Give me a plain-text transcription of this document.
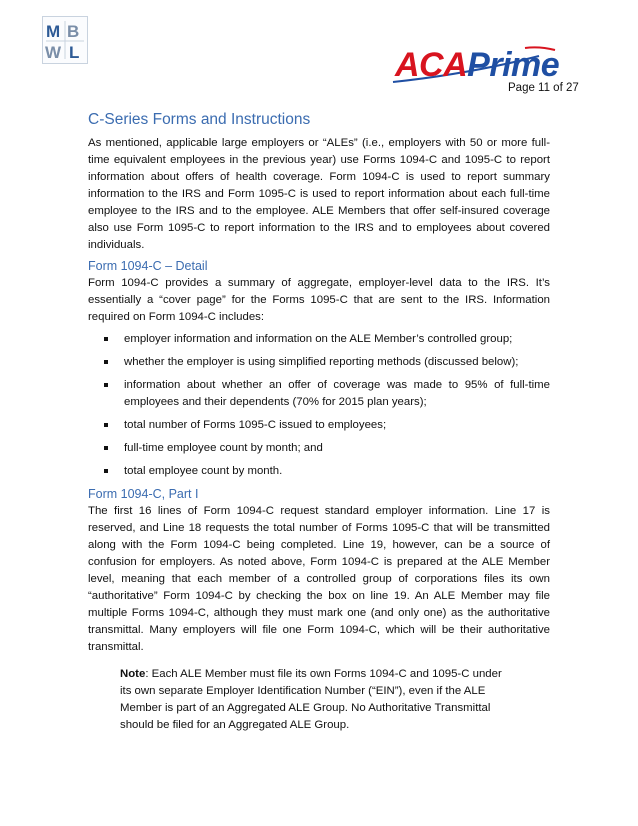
M B
W L	ACAPrime
Page 11 of 27
C-Series Forms and Instructions

As mentioned, applicable large employers or “ALEs” (i.e., employers with 50 or more full-time equivalent employees in the previous year) use Forms 1094-C and 1095-C to report information about offers of health coverage. Form 1094-C is used to report summary information to the IRS and Form 1095-C is used to report information about each full-time employee to the IRS and to the employee. ALE Members that offer self-insured coverage also use Form 1095-C to report information to the IRS and to employees about covered individuals.

Form 1094-C – Detail

Form 1094-C provides a summary of aggregate, employer-level data to the IRS. It’s essentially a “cover page” for the Forms 1095-C that are sent to the IRS. Information required on Form 1094-C includes:

employer information and information on the ALE Member’s controlled group;
whether the employer is using simplified reporting methods (discussed below);
information about whether an offer of coverage was made to 95% of full-time employees and their dependents (70% for 2015 plan years);
total number of Forms 1095-C issued to employees;
full-time employee count by month; and
total employee count by month.
Form 1094-C, Part I

The first 16 lines of Form 1094-C request standard employer information. Line 17 is reserved, and Line 18 requests the total number of Forms 1095-C that will be transmitted along with the Form 1094-C being completed. Line 19, however, can be a source of confusion for employers. As noted above, Form 1094-C is prepared at the ALE Member level, meaning that each member of a controlled group of corporations files its own “authoritative” Form 1094-C by checking the box on line 19. An ALE Member may file multiple Forms 1094-C, although they must mark one (and only one) as the authoritative transmittal. Many employers will file one Form 1094-C, which will be their authoritative transmittal.

Note: Each ALE Member must file its own Forms 1094-C and 1095-C under its own separate Employer Identification Number (“EIN”), even if the ALE Member is part of an Aggregated ALE Group. No Authoritative Transmittal should be filed for an Aggregated ALE Group.
